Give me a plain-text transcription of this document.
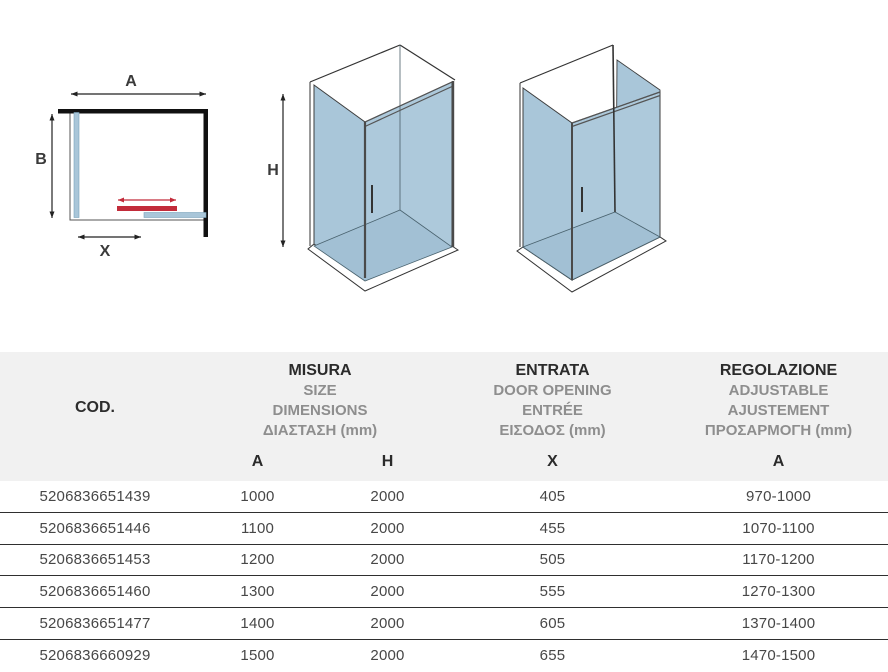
A
B
X
H
COD.
MISURA
SIZE
DIMENSIONS
ΔΙΑΣΤΑΣΗ (mm)
ENTRATA
DOOR OPENING
ENTRÉE
ΕΙΣΟΔΟΣ (mm)
REGOLAZIONE
ADJUSTABLE
AJUSTEMENT
ΠΡΟΣΑΡΜΟΓΗ (mm)
A	H	X	A
5206836651439	1000	2000	405	970-1000
5206836651446	1100	2000	455	1070-1100
5206836651453	1200	2000	505	1170-1200
5206836651460	1300	2000	555	1270-1300
5206836651477	1400	2000	605	1370-1400
5206836660929	1500	2000	655	1470-1500
